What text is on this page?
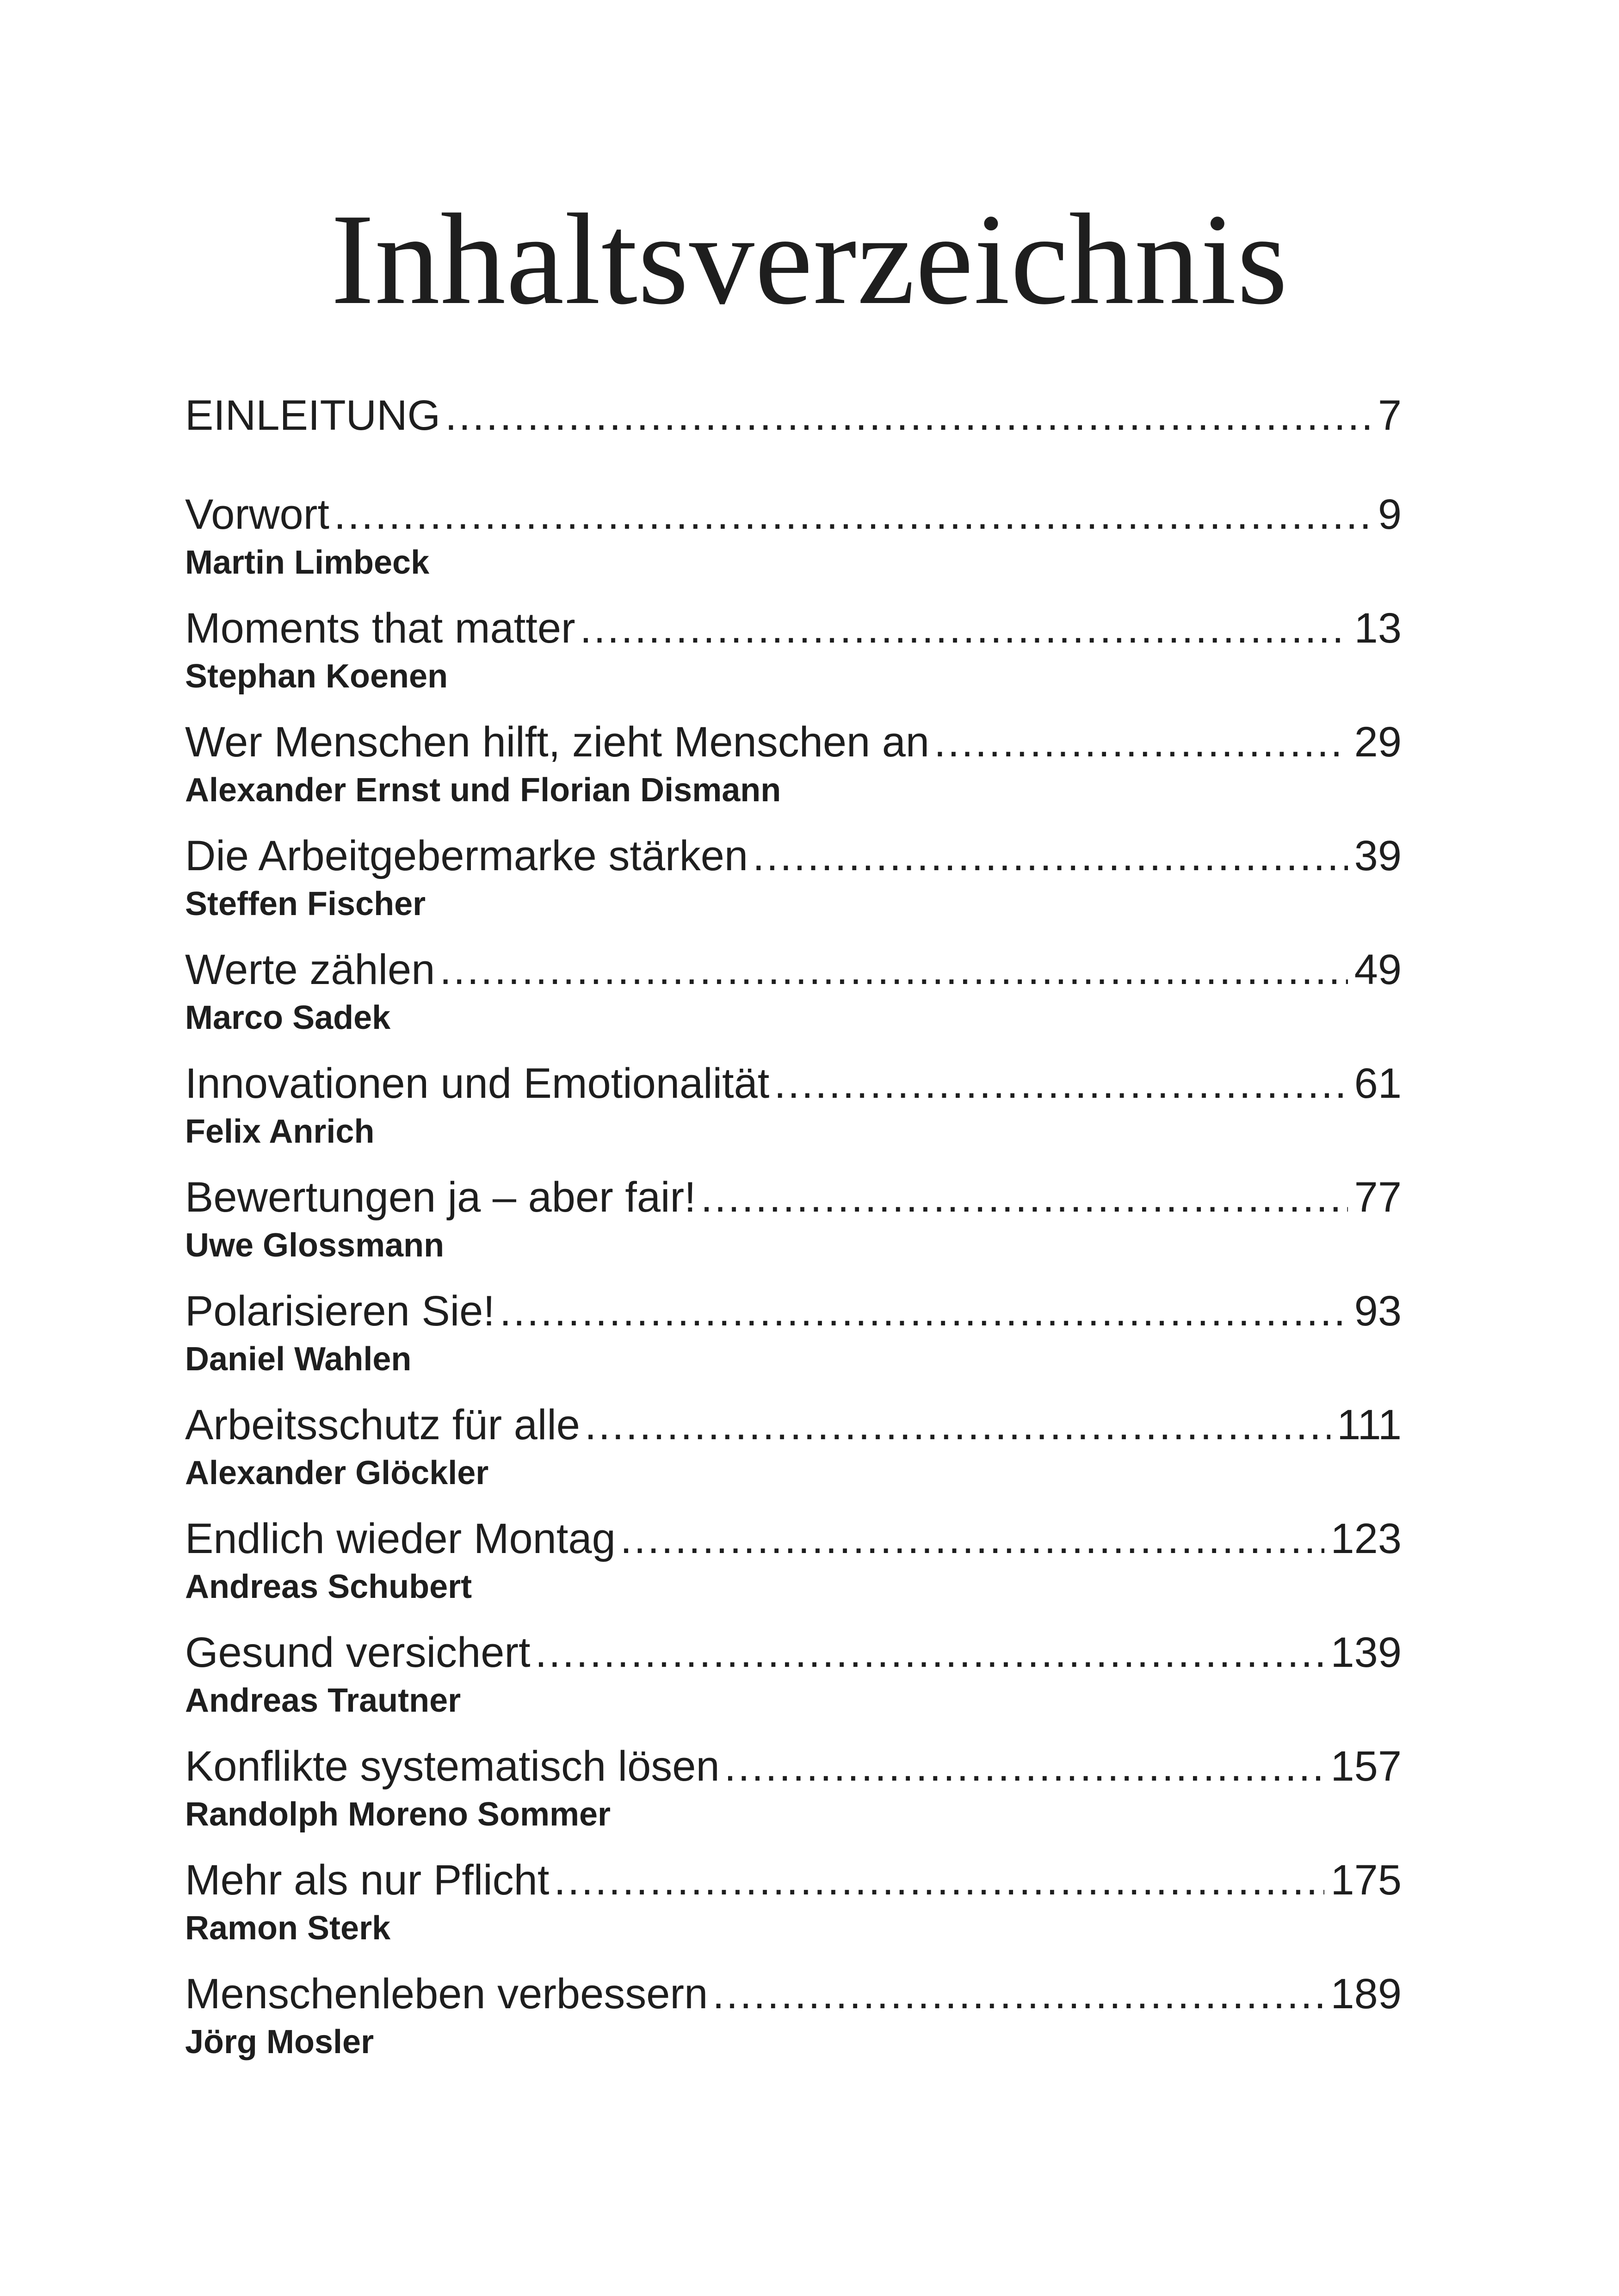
Inhaltsverzeichnis
EINLEITUNG .....	7
Vorwort .....	9
Martin Limbeck
Moments that matter .....	13
Stephan Koenen
Wer Menschen hilft, zieht Menschen an .....	29
Alexander Ernst und Florian Dismann
Die Arbeitgebermarke stärken .....	39
Steffen Fischer
Werte zählen .....	49
Marco Sadek
Innovationen und Emotionalität .....	61
Felix Anrich
Bewertungen ja – aber fair! .....	77
Uwe Glossmann
Polarisieren Sie! .....	93
Daniel Wahlen
Arbeitsschutz für alle .....	111
Alexander Glöckler
Endlich wieder Montag .....	123
Andreas Schubert
Gesund versichert .....	139
Andreas Trautner
Konflikte systematisch lösen .....	157
Randolph Moreno Sommer
Mehr als nur Pflicht .....	175
Ramon Sterk
Menschenleben verbessern .....	189
Jörg Mosler
